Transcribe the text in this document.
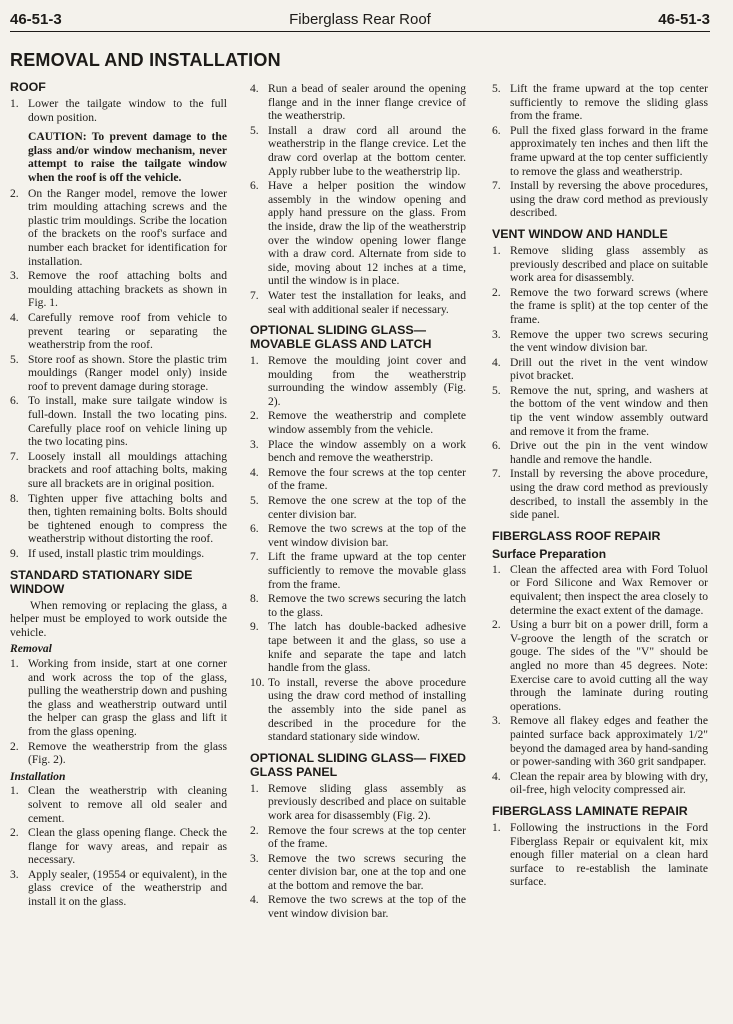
46-51-3	Fiberglass Rear Roof	46-51-3
REMOVAL AND INSTALLATION
ROOF
1. Lower the tailgate window to the full down position.
CAUTION: To prevent damage to the glass and/or window mechanism, never attempt to raise the tailgate window when the roof is off the vehicle.
2. On the Ranger model, remove the lower trim moulding attaching screws and the plastic trim mouldings. Scribe the location of the brackets on the roof's surface and number each bracket for identification for installation.
3. Remove the roof attaching bolts and moulding attaching brackets as shown in Fig. 1.
4. Carefully remove roof from vehicle to prevent tearing or separating the weatherstrip from the roof.
5. Store roof as shown. Store the plastic trim mouldings (Ranger model only) inside roof to prevent damage during storage.
6. To install, make sure tailgate window is full-down. Install the two locating pins. Carefully place roof on vehicle lining up the two locating pins.
7. Loosely install all mouldings attaching brackets and roof attaching bolts, making sure all brackets are in original position.
8. Tighten upper five attaching bolts and then, tighten remaining bolts. Bolts should be tightened enough to compress the weatherstrip without distorting the roof.
9. If used, install plastic trim mouldings.
STANDARD STATIONARY SIDE WINDOW
When removing or replacing the glass, a helper must be employed to work outside the vehicle.
Removal
1. Working from inside, start at one corner and work across the top of the glass, pulling the weatherstrip down and pushing the glass and weatherstrip outward until the helper can grasp the glass and lift it from the glass opening.
2. Remove the weatherstrip from the glass (Fig. 2).
Installation
1. Clean the weatherstrip with cleaning solvent to remove all old sealer and cement.
2. Clean the glass opening flange. Check the flange for wavy areas, and repair as necessary.
3. Apply sealer, (19554 or equivalent), in the glass crevice of the weatherstrip and install it on the glass.
4. Run a bead of sealer around the opening flange and in the inner flange crevice of the weatherstrip.
5. Install a draw cord all around the weatherstrip in the flange crevice. Let the draw cord overlap at the bottom center. Apply rubber lube to the weatherstrip lip.
6. Have a helper position the window assembly in the window opening and apply hand pressure on the glass. From the inside, draw the lip of the weatherstrip over the window opening lower flange with a draw cord. Alternate from side to side, moving about 12 inches at a time, until the window is in place.
7. Water test the installation for leaks, and seal with additional sealer if necessary.
OPTIONAL SLIDING GLASS— MOVABLE GLASS AND LATCH
1. Remove the moulding joint cover and moulding from the weatherstrip surrounding the window assembly (Fig. 2).
2. Remove the weatherstrip and complete window assembly from the vehicle.
3. Place the window assembly on a work bench and remove the weatherstrip.
4. Remove the four screws at the top center of the frame.
5. Remove the one screw at the top of the center division bar.
6. Remove the two screws at the top of the vent window division bar.
7. Lift the frame upward at the top center sufficiently to remove the movable glass from the frame.
8. Remove the two screws securing the latch to the glass.
9. The latch has double-backed adhesive tape between it and the glass, so use a knife and separate the tape and latch handle from the glass.
10. To install, reverse the above procedure using the draw cord method of installing the assembly into the side panel as described in the procedure for the standard stationary side window.
OPTIONAL SLIDING GLASS— FIXED GLASS PANEL
1. Remove sliding glass assembly as previously described and place on suitable work area for disassembly (Fig. 2).
2. Remove the four screws at the top center of the frame.
3. Remove the two screws securing the center division bar, one at the top and one at the bottom and remove the bar.
4. Remove the two screws at the top of the vent window division bar.
5. Lift the frame upward at the top center sufficiently to remove the sliding glass from the frame.
6. Pull the fixed glass forward in the frame approximately ten inches and then lift the frame upward at the top center sufficiently to remove the glass and weatherstrip.
7. Install by reversing the above procedures, using the draw cord method as previously described.
VENT WINDOW AND HANDLE
1. Remove sliding glass assembly as previously described and place on suitable work area for disassembly.
2. Remove the two forward screws (where the frame is split) at the top center of the frame.
3. Remove the upper two screws securing the vent window division bar.
4. Drill out the rivet in the vent window pivot bracket.
5. Remove the nut, spring, and washers at the bottom of the vent window and then tip the vent window assembly outward and remove it from the frame.
6. Drive out the pin in the vent window handle and remove the handle.
7. Install by reversing the above procedure, using the draw cord method as previously described, to install the assembly in the side panel.
FIBERGLASS ROOF REPAIR
Surface Preparation
1. Clean the affected area with Ford Toluol or Ford Silicone and Wax Remover or equivalent; then inspect the area closely to determine the exact extent of the damage.
2. Using a burr bit on a power drill, form a V-groove the length of the scratch or gouge. The sides of the "V" should be angled no more than 45 degrees. Note: Exercise care to avoid cutting all the way through the laminate during routing operations.
3. Remove all flakey edges and feather the painted surface back approximately 1/2" beyond the damaged area by hand-sanding or power-sanding with 360 grit sandpaper.
4. Clean the repair area by blowing with dry, oil-free, high velocity compressed air.
FIBERGLASS LAMINATE REPAIR
1. Following the instructions in the Ford Fiberglass Repair or equivalent kit, mix enough filler material on a clean hard surface to re-establish the laminate surface.
